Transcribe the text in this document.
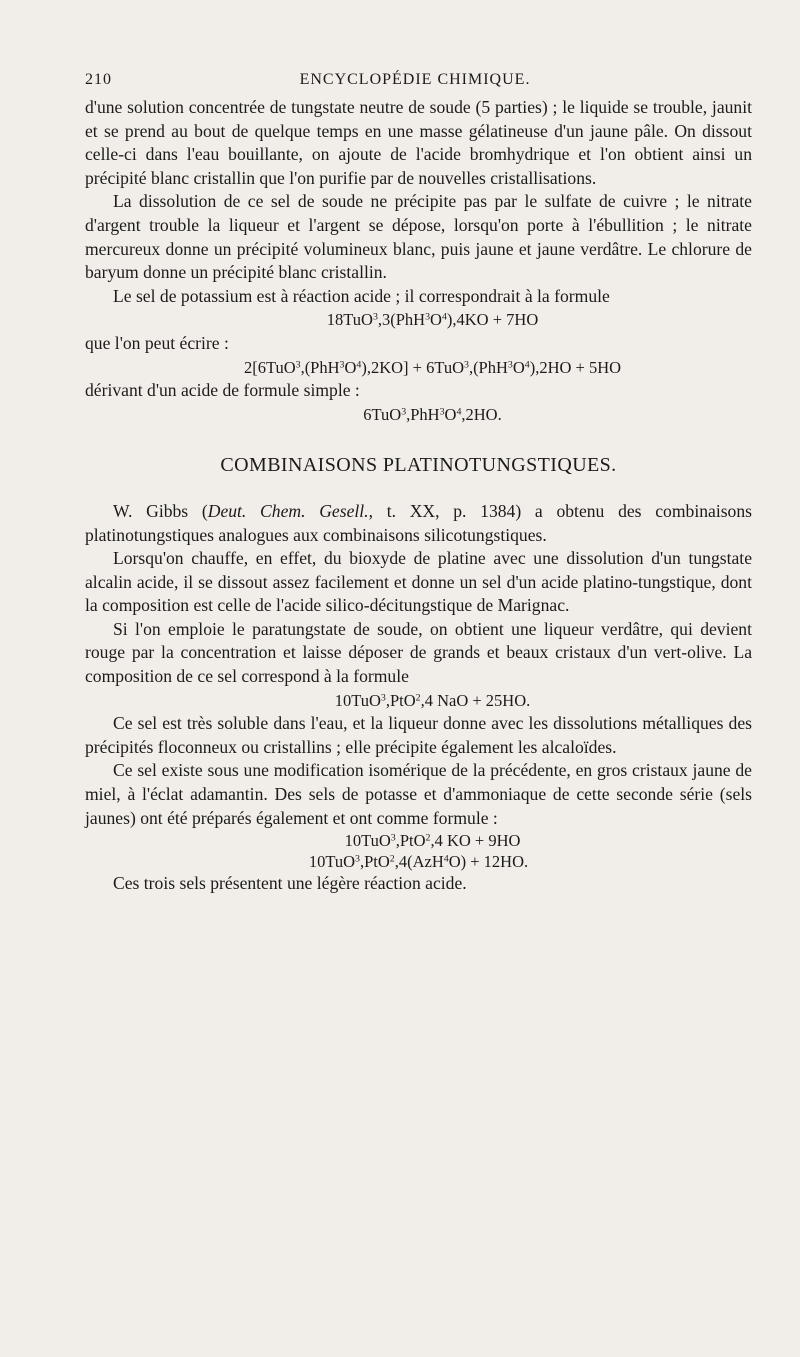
210	ENCYCLOPÉDIE CHIMIQUE.

d'une solution concentrée de tungstate neutre de soude (5 parties) ; le liquide se trouble, jaunit et se prend au bout de quelque temps en une masse gélatineuse d'un jaune pâle. On dissout celle-ci dans l'eau bouillante, on ajoute de l'acide bromhydrique et l'on obtient ainsi un précipité blanc cristallin que l'on purifie par de nouvelles cristallisations.

La dissolution de ce sel de soude ne précipite pas par le sulfate de cuivre ; le nitrate d'argent trouble la liqueur et l'argent se dépose, lorsqu'on porte à l'ébullition ; le nitrate mercureux donne un précipité volumineux blanc, puis jaune et jaune verdâtre. Le chlorure de baryum donne un précipité blanc cristallin.

Le sel de potassium est à réaction acide ; il correspondrait à la formule

$18TuO^3,3(PhH^3O^4),4KO + 7HO$

que l'on peut écrire :

$2[6TuO^3,(PhH^3O^4),2KO] + 6TuO^3,(PhH^3O^4),2HO + 5HO$

dérivant d'un acide de formule simple :

$6TuO^3,PhH^3O^4,2HO$.

COMBINAISONS PLATINOTUNGSTIQUES.

W. Gibbs (Deut. Chem. Gesell., t. XX, p. 1384) a obtenu des combinaisons platinotungstiques analogues aux combinaisons silicotungstiques.

Lorsqu'on chauffe, en effet, du bioxyde de platine avec une dissolution d'un tungstate alcalin acide, il se dissout assez facilement et donne un sel d'un acide platino-tungstique, dont la composition est celle de l'acide silico-décitungstique de Marignac.

Si l'on emploie le paratungstate de soude, on obtient une liqueur verdâtre, qui devient rouge par la concentration et laisse déposer de grands et beaux cristaux d'un vert-olive. La composition de ce sel correspond à la formule

10TuO$^3$,PtO$^2$,4 NaO + 25HO.

Ce sel est très soluble dans l'eau, et la liqueur donne avec les dissolutions métalliques des précipités floconneux ou cristallins ; elle précipite également les alcaloïdes.

Ce sel existe sous une modification isomérique de la précédente, en gros cristaux jaune de miel, à l'éclat adamantin. Des sels de potasse et d'ammoniaque de cette seconde série (sels jaunes) ont été préparés également et ont comme formule :

10TuO$^3$,PtO$^2$,4 KO + 9HO
10TuO$^3$,PtO$^2$,4(AzH$^4$O) + 12HO.

Ces trois sels présentent une légère réaction acide.
